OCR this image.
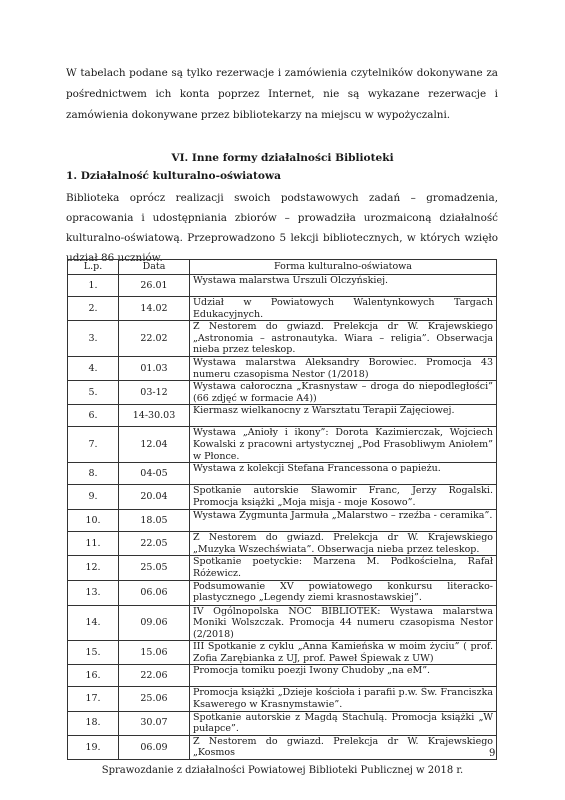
W tabelach podane są tylko rezerwacje i zamówienia czytelników dokonywane za pośrednictwem ich konta poprzez Internet, nie są wykazane rezerwacje i zamówienia dokonywane przez bibliotekarzy na miejscu w wypożyczalni.

VI. Inne formy działalności Biblioteki
1. Działalność kulturalno-oświatowa

Biblioteka oprócz realizacji swoich podstawowych zadań – gromadzenia, opracowania i udostępniania zbiorów – prowadziła urozmaiconą działalność kulturalno-oświatową. Przeprowadzono 5 lekcji bibliotecznych, w których wzięło udział 86 uczniów.

L.p.	Data	Forma kulturalno-oświatowa
1.	26.01	Wystawa malarstwa Urszuli Olczyńskiej.
2.	14.02	Udział w Powiatowych Walentynkowych Targach Edukacyjnych.
3.	22.02	Z Nestorem do gwiazd. Prelekcja dr W. Krajewskiego „Astronomia – astronautyka. Wiara – religia”. Obserwacja nieba przez teleskop.
4.	01.03	Wystawa malarstwa Aleksandry Borowiec. Promocja 43 numeru czasopisma Nestor (1/2018)
5.	03-12	Wystawa całoroczna „Krasnystaw – droga do niepodległości” (66 zdjęć w formacie A4))
6.	14-30.03	Kiermasz wielkanocny z Warsztatu Terapii Zajęciowej.
7.	12.04	Wystawa „Anioły i ikony”: Dorota Kazimierczak, Wojciech Kowalski z pracowni artystycznej „Pod Frasobliwym Aniołem” w Płonce.
8.	04-05	Wystawa z kolekcji Stefana Francessona o papieżu.
9.	20.04	Spotkanie autorskie Sławomir Franc, Jerzy Rogalski. Promocja książki „Moja misja - moje Kosowo”.
10.	18.05	Wystawa Zygmunta Jarmuła „Malarstwo – rzeźba - ceramika”.
11.	22.05	Z Nestorem do gwiazd. Prelekcja dr W. Krajewskiego „Muzyka Wszechświata”. Obserwacja nieba przez teleskop.
12.	25.05	Spotkanie poetyckie: Marzena M. Podkościelna, Rafał Różewicz.
13.	06.06	Podsumowanie XV powiatowego konkursu literacko-plastycznego „Legendy ziemi krasnostawskiej”.
14.	09.06	IV Ogólnopolska NOC BIBLIOTEK: Wystawa malarstwa Moniki Wolszczak. Promocja 44 numeru czasopisma Nestor (2/2018)
15.	15.06	III Spotkanie z cyklu „Anna Kamieńska w moim życiu” ( prof. Zofia Zarębianka z UJ, prof. Paweł Śpiewak z UW)
16.	22.06	Promocja tomiku poezji Iwony Chudoby „na eM”.
17.	25.06	Promocja książki „Dzieje kościoła i parafii p.w. Św. Franciszka Ksawerego w Krasnymstawie”.
18.	30.07	Spotkanie autorskie z Magdą Stachulą. Promocja książki „W pułapce”.
19.	06.09	Z Nestorem do gwiazd. Prelekcja dr W. Krajewskiego „Kosmos	9
Sprawozdanie z działalności Powiatowej Biblioteki Publicznej w 2018 r.
